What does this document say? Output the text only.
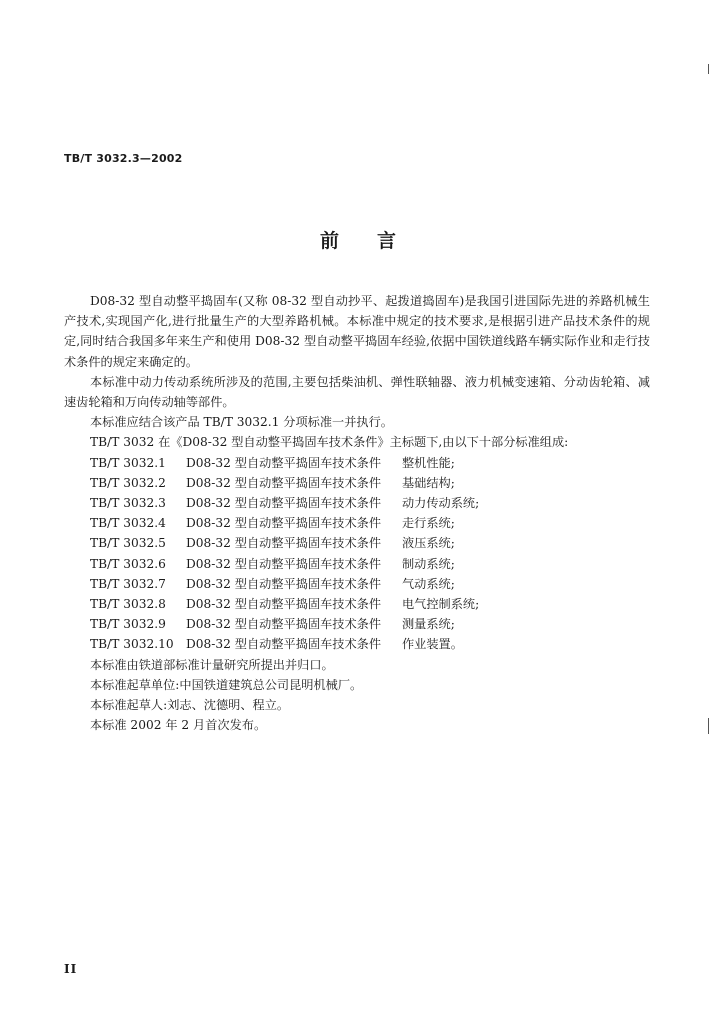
TB/T 3032.3—2002
前言

D08-32 型自动整平捣固车(又称 08-32 型自动抄平、起拨道捣固车)是我国引进国际先进的养路机械生产技术,实现国产化,进行批量生产的大型养路机械。本标准中规定的技术要求,是根据引进产品技术条件的规定,同时结合我国多年来生产和使用 D08-32 型自动整平捣固车经验,依据中国铁道线路车辆实际作业和走行技术条件的规定来确定的。

本标准中动力传动系统所涉及的范围,主要包括柴油机、弹性联轴器、液力机械变速箱、分动齿轮箱、减速齿轮箱和万向传动轴等部件。

本标准应结合该产品 TB/T 3032.1 分项标准一并执行。

TB/T 3032 在《D08-32 型自动整平捣固车技术条件》主标题下,由以下十部分标准组成:

TB/T 3032.1	D08-32 型自动整平捣固车技术条件	整机性能;
TB/T 3032.2	D08-32 型自动整平捣固车技术条件	基础结构;
TB/T 3032.3	D08-32 型自动整平捣固车技术条件	动力传动系统;
TB/T 3032.4	D08-32 型自动整平捣固车技术条件	走行系统;
TB/T 3032.5	D08-32 型自动整平捣固车技术条件	液压系统;
TB/T 3032.6	D08-32 型自动整平捣固车技术条件	制动系统;
TB/T 3032.7	D08-32 型自动整平捣固车技术条件	气动系统;
TB/T 3032.8	D08-32 型自动整平捣固车技术条件	电气控制系统;
TB/T 3032.9	D08-32 型自动整平捣固车技术条件	测量系统;
TB/T 3032.10	D08-32 型自动整平捣固车技术条件	作业装置。

本标准由铁道部标准计量研究所提出并归口。

本标准起草单位:中国铁道建筑总公司昆明机械厂。

本标准起草人:刘志、沈德明、程立。

本标准 2002 年 2 月首次发布。

II
